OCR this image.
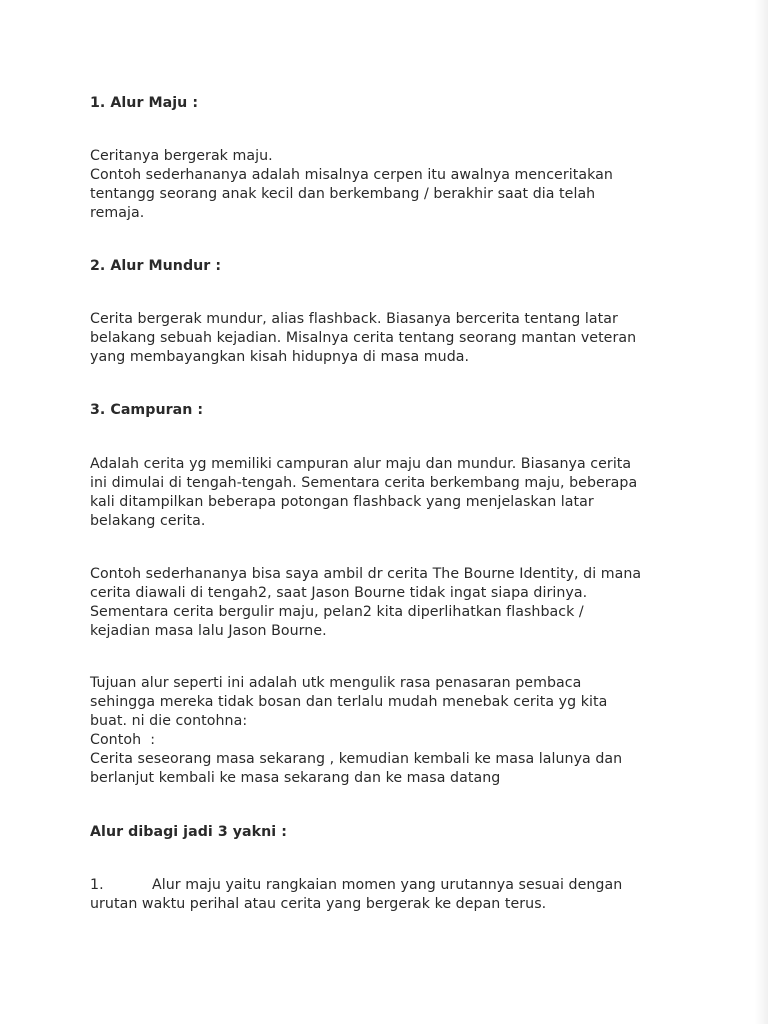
1. Alur Maju :
Ceritanya bergerak maju.
Contoh sederhananya adalah misalnya cerpen itu awalnya menceritakan
tentangg seorang anak kecil dan berkembang / berakhir saat dia telah
remaja.
2. Alur Mundur :
Cerita bergerak mundur, alias flashback. Biasanya bercerita tentang latar
belakang sebuah kejadian. Misalnya cerita tentang seorang mantan veteran
yang membayangkan kisah hidupnya di masa muda.
3. Campuran :
Adalah cerita yg memiliki campuran alur maju dan mundur. Biasanya cerita
ini dimulai di tengah-tengah. Sementara cerita berkembang maju, beberapa
kali ditampilkan beberapa potongan flashback yang menjelaskan latar
belakang cerita.
Contoh sederhananya bisa saya ambil dr cerita The Bourne Identity, di mana
cerita diawali di tengah2, saat Jason Bourne tidak ingat siapa dirinya.
Sementara cerita bergulir maju, pelan2 kita diperlihatkan flashback /
kejadian masa lalu Jason Bourne.
Tujuan alur seperti ini adalah utk mengulik rasa penasaran pembaca
sehingga mereka tidak bosan dan terlalu mudah menebak cerita yg kita
buat. ni die contohna:
Contoh  :
Cerita seseorang masa sekarang , kemudian kembali ke masa lalunya dan
berlanjut kembali ke masa sekarang dan ke masa datang
Alur dibagi jadi 3 yakni :
1.	Alur maju yaitu rangkaian momen yang urutannya sesuai dengan
urutan waktu perihal atau cerita yang bergerak ke depan terus.
